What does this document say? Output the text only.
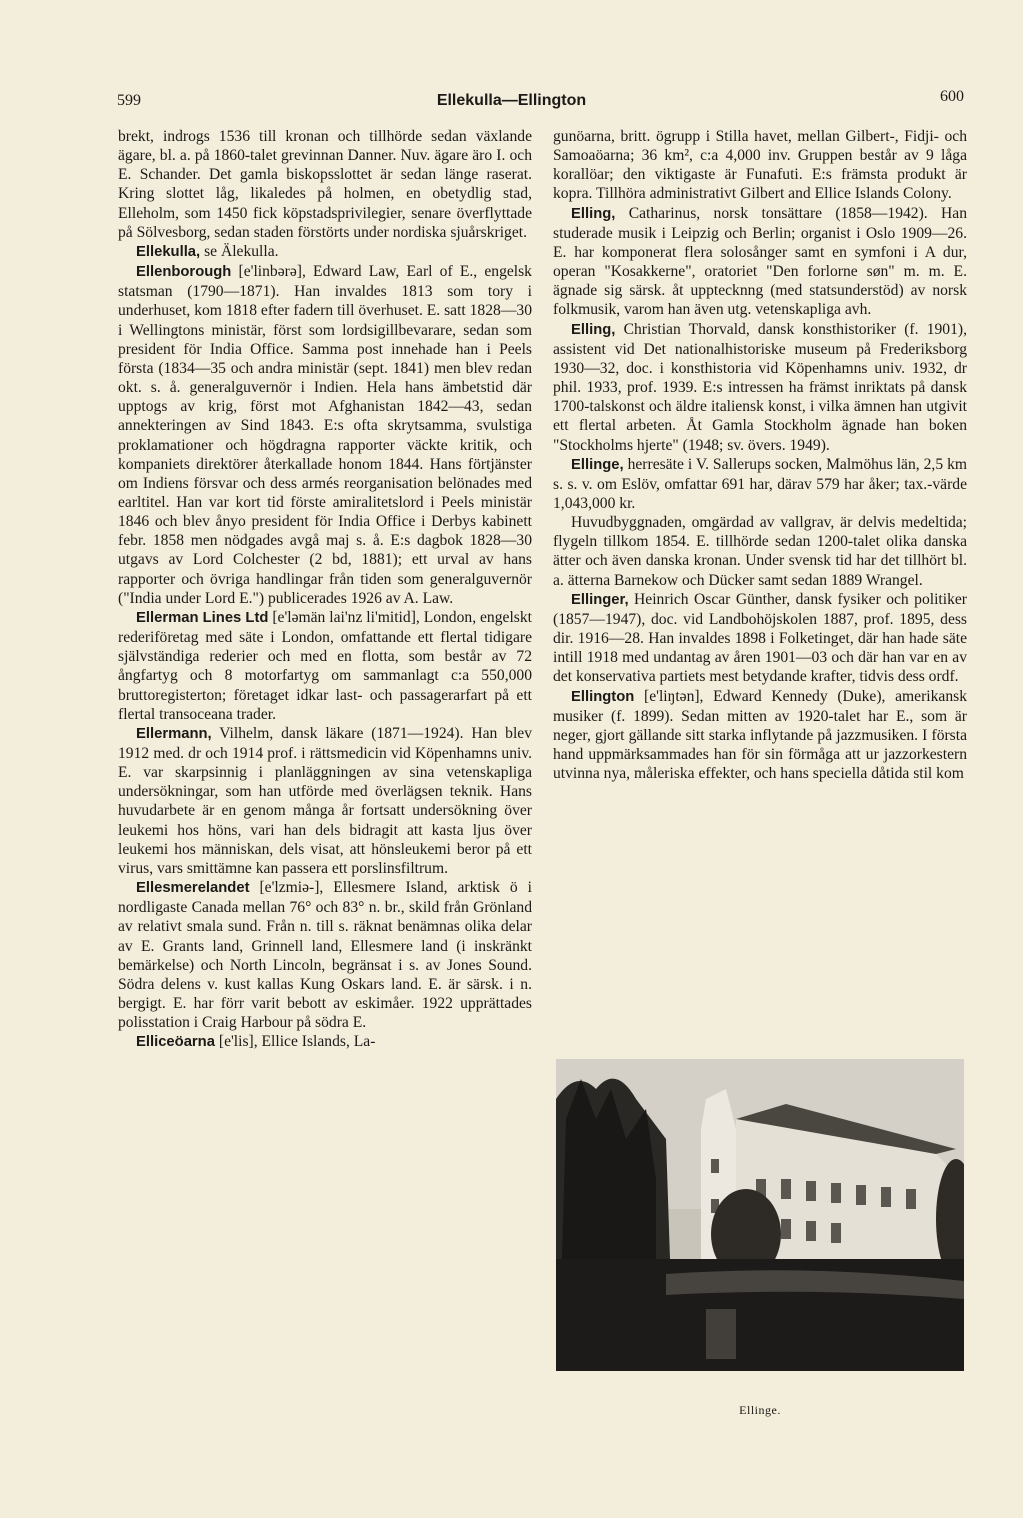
599	Ellekulla—Ellington	600

brekt, indrogs 1536 till kronan och tillhörde sedan växlande ägare, bl. a. på 1860-talet grevinnan Danner. Nuv. ägare äro I. och E. Schander. Det gamla biskopsslottet är sedan länge raserat. Kring slottet låg, likaledes på holmen, en obetydlig stad, Elleholm, som 1450 fick köpstadsprivilegier, senare överflyttade på Sölvesborg, sedan staden förstörts under nordiska sjuårskriget.

Ellekulla, se Älekulla.

Ellenborough [e'linbərə], Edward Law, Earl of E., engelsk statsman (1790—1871). Han invaldes 1813 som tory i underhuset, kom 1818 efter fadern till överhuset. E. satt 1828—30 i Wellingtons ministär, först som lordsigillbevarare, sedan som president för India Office. Samma post innehade han i Peels första (1834—35 och andra ministär (sept. 1841) men blev redan okt. s. å. generalguvernör i Indien. Hela hans ämbetstid där upptogs av krig, först mot Afghanistan 1842—43, sedan annekteringen av Sind 1843. E:s ofta skrytsamma, svulstiga proklamationer och högdragna rapporter väckte kritik, och kompaniets direktörer återkallade honom 1844. Hans förtjänster om Indiens försvar och dess armés reorganisation belönades med earltitel. Han var kort tid förste amiralitetslord i Peels ministär 1846 och blev ånyo president för India Office i Derbys kabinett febr. 1858 men nödgades avgå maj s. å. E:s dagbok 1828—30 utgavs av Lord Colchester (2 bd, 1881); ett urval av hans rapporter och övriga handlingar från tiden som generalguvernör ("India under Lord E.") publicerades 1926 av A. Law.

Ellerman Lines Ltd [e'ləmän lai'nz li'mitid], London, engelskt rederiföretag med säte i London, omfattande ett flertal tidigare självständiga rederier och med en flotta, som består av 72 ångfartyg och 8 motorfartyg om sammanlagt c:a 550,000 bruttoregisterton; företaget idkar last- och passagerarfart på ett flertal transoceana trader.

Ellermann, Vilhelm, dansk läkare (1871—1924). Han blev 1912 med. dr och 1914 prof. i rättsmedicin vid Köpenhamns univ. E. var skarpsinnig i planläggningen av sina vetenskapliga undersökningar, som han utförde med överlägsen teknik. Hans huvudarbete är en genom många år fortsatt undersökning över leukemi hos höns, vari han dels bidragit att kasta ljus över leukemi hos människan, dels visat, att hönsleukemi beror på ett virus, vars smittämne kan passera ett porslinsfiltrum.

Ellesmerelandet [e'lzmiə-], Ellesmere Island, arktisk ö i nordligaste Canada mellan 76° och 83° n. br., skild från Grönland av relativt smala sund. Från n. till s. räknat benämnas olika delar av E. Grants land, Grinnell land, Ellesmere land (i inskränkt bemärkelse) och North Lincoln, begränsat i s. av Jones Sound. Södra delens v. kust kallas Kung Oskars land. E. är särsk. i n. bergigt. E. har förr varit bebott av eskimåer. 1922 upprättades polisstation i Craig Harbour på södra E.

Elliceöarna [e'lis], Ellice Islands, La-

gunöarna, britt. ögrupp i Stilla havet, mellan Gilbert-, Fidji- och Samoaöarna; 36 km², c:a 4,000 inv. Gruppen består av 9 låga korallöar; den viktigaste är Funafuti. E:s främsta produkt är kopra. Tillhöra administrativt Gilbert and Ellice Islands Colony.

Elling, Catharinus, norsk tonsättare (1858—1942). Han studerade musik i Leipzig och Berlin; organist i Oslo 1909—26. E. har komponerat flera solosånger samt en symfoni i A dur, operan "Kosakkerne", oratoriet "Den forlorne søn" m. m. E. ägnade sig särsk. åt upptecknng (med statsunderstöd) av norsk folkmusik, varom han även utg. vetenskapliga avh.

Elling, Christian Thorvald, dansk konsthistoriker (f. 1901), assistent vid Det nationalhistoriske museum på Frederiksborg 1930—32, doc. i konsthistoria vid Köpenhamns univ. 1932, dr phil. 1933, prof. 1939. E:s intressen ha främst inriktats på dansk 1700-talskonst och äldre italiensk konst, i vilka ämnen han utgivit ett flertal arbeten. Åt Gamla Stockholm ägnade han boken "Stockholms hjerte" (1948; sv. övers. 1949).

Ellinge, herresäte i V. Sallerups socken, Malmöhus län, 2,5 km s. s. v. om Eslöv, omfattar 691 har, därav 579 har åker; tax.-värde 1,043,000 kr.

Huvudbyggnaden, omgärdad av vallgrav, är delvis medeltida; flygeln tillkom 1854. E. tillhörde sedan 1200-talet olika danska ätter och även danska kronan. Under svensk tid har det tillhört bl. a. ätterna Barnekow och Dücker samt sedan 1889 Wrangel.

Ellinger, Heinrich Oscar Günther, dansk fysiker och politiker (1857—1947), doc. vid Landbohöjskolen 1887, prof. 1895, dess dir. 1916—28. Han invaldes 1898 i Folketinget, där han hade säte intill 1918 med undantag av åren 1901—03 och där han var en av det konservativa partiets mest betydande krafter, tidvis dess ordf.

Ellington [e'liŋtən], Edward Kennedy (Duke), amerikansk musiker (f. 1899). Sedan mitten av 1920-talet har E., som är neger, gjort gällande sitt starka inflytande på jazzmusiken. I första hand uppmärksammades han för sin förmåga att ur jazzorkestern utvinna nya, måleriska effekter, och hans speciella dåtida stil kom

Ellinge.
